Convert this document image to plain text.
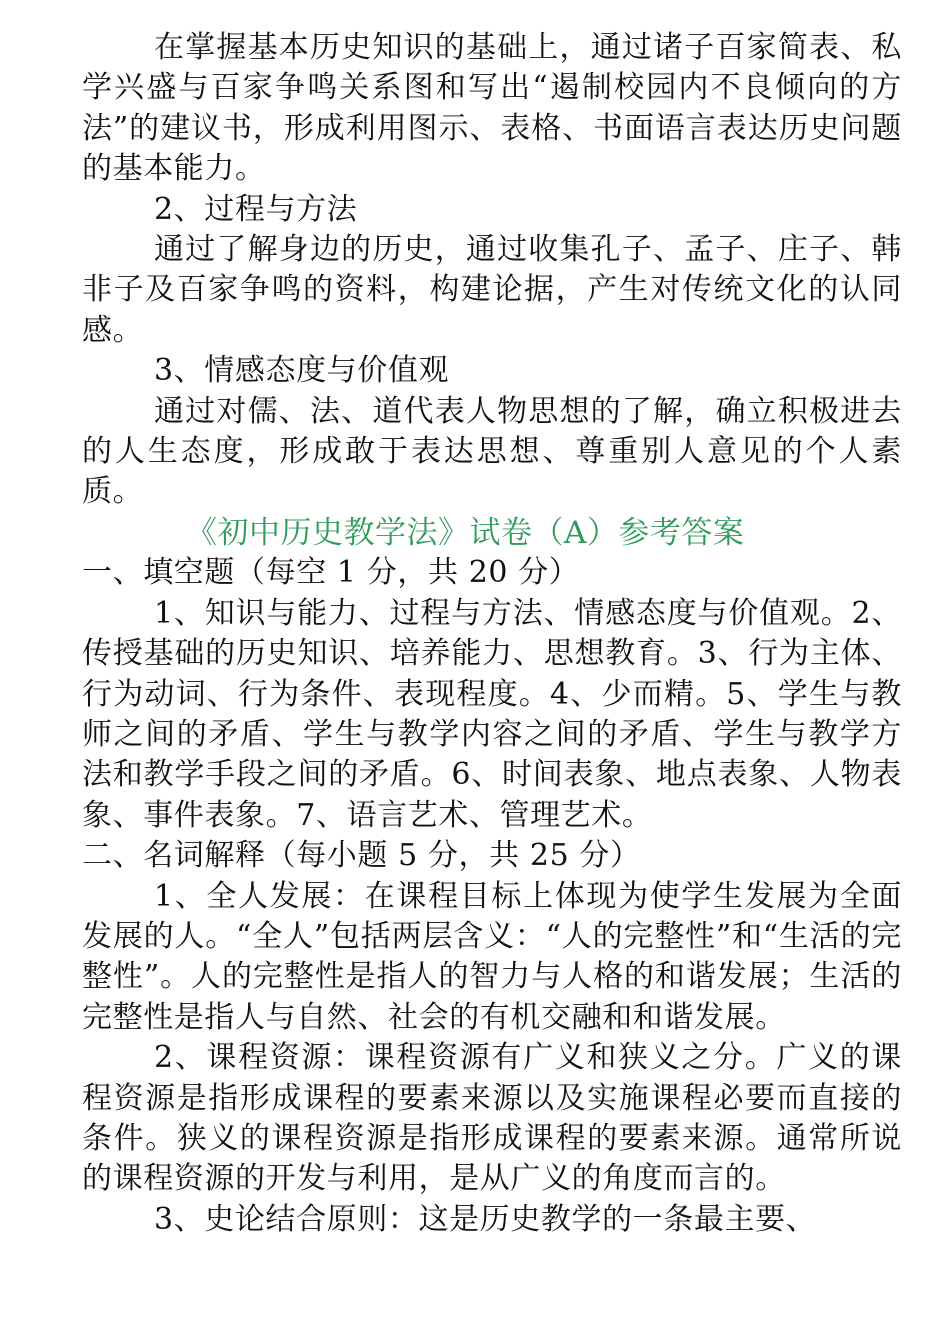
在掌握基本历史知识的基础上，通过诸子百家简表、私学兴盛与百家争鸣关系图和写出“遏制校园内不良倾向的方法”的建议书，形成利用图示、表格、书面语言表达历史问题的基本能力。

2、过程与方法

通过了解身边的历史，通过收集孔子、孟子、庄子、韩非子及百家争鸣的资料，构建论据，产生对传统文化的认同感。

3、情感态度与价值观

通过对儒、法、道代表人物思想的了解，确立积极进去的人生态度，形成敢于表达思想、尊重别人意见的个人素质。

《初中历史教学法》试卷（A）参考答案

一、填空题（每空 1 分，共 20 分）

1、知识与能力、过程与方法、情感态度与价值观。2、传授基础的历史知识、培养能力、思想教育。3、行为主体、行为动词、行为条件、表现程度。4、少而精。5、学生与教师之间的矛盾、学生与教学内容之间的矛盾、学生与教学方法和教学手段之间的矛盾。6、时间表象、地点表象、人物表象、事件表象。7、语言艺术、管理艺术。

二、名词解释（每小题 5 分，共 25 分）

1、全人发展：在课程目标上体现为使学生发展为全面发展的人。“全人”包括两层含义：“人的完整性”和“生活的完整性”。人的完整性是指人的智力与人格的和谐发展；生活的完整性是指人与自然、社会的有机交融和和谐发展。

2、课程资源：课程资源有广义和狭义之分。广义的课程资源是指形成课程的要素来源以及实施课程必要而直接的条件。狭义的课程资源是指形成课程的要素来源。通常所说的课程资源的开发与利用，是从广义的角度而言的。

3、史论结合原则：这是历史教学的一条最主要、
